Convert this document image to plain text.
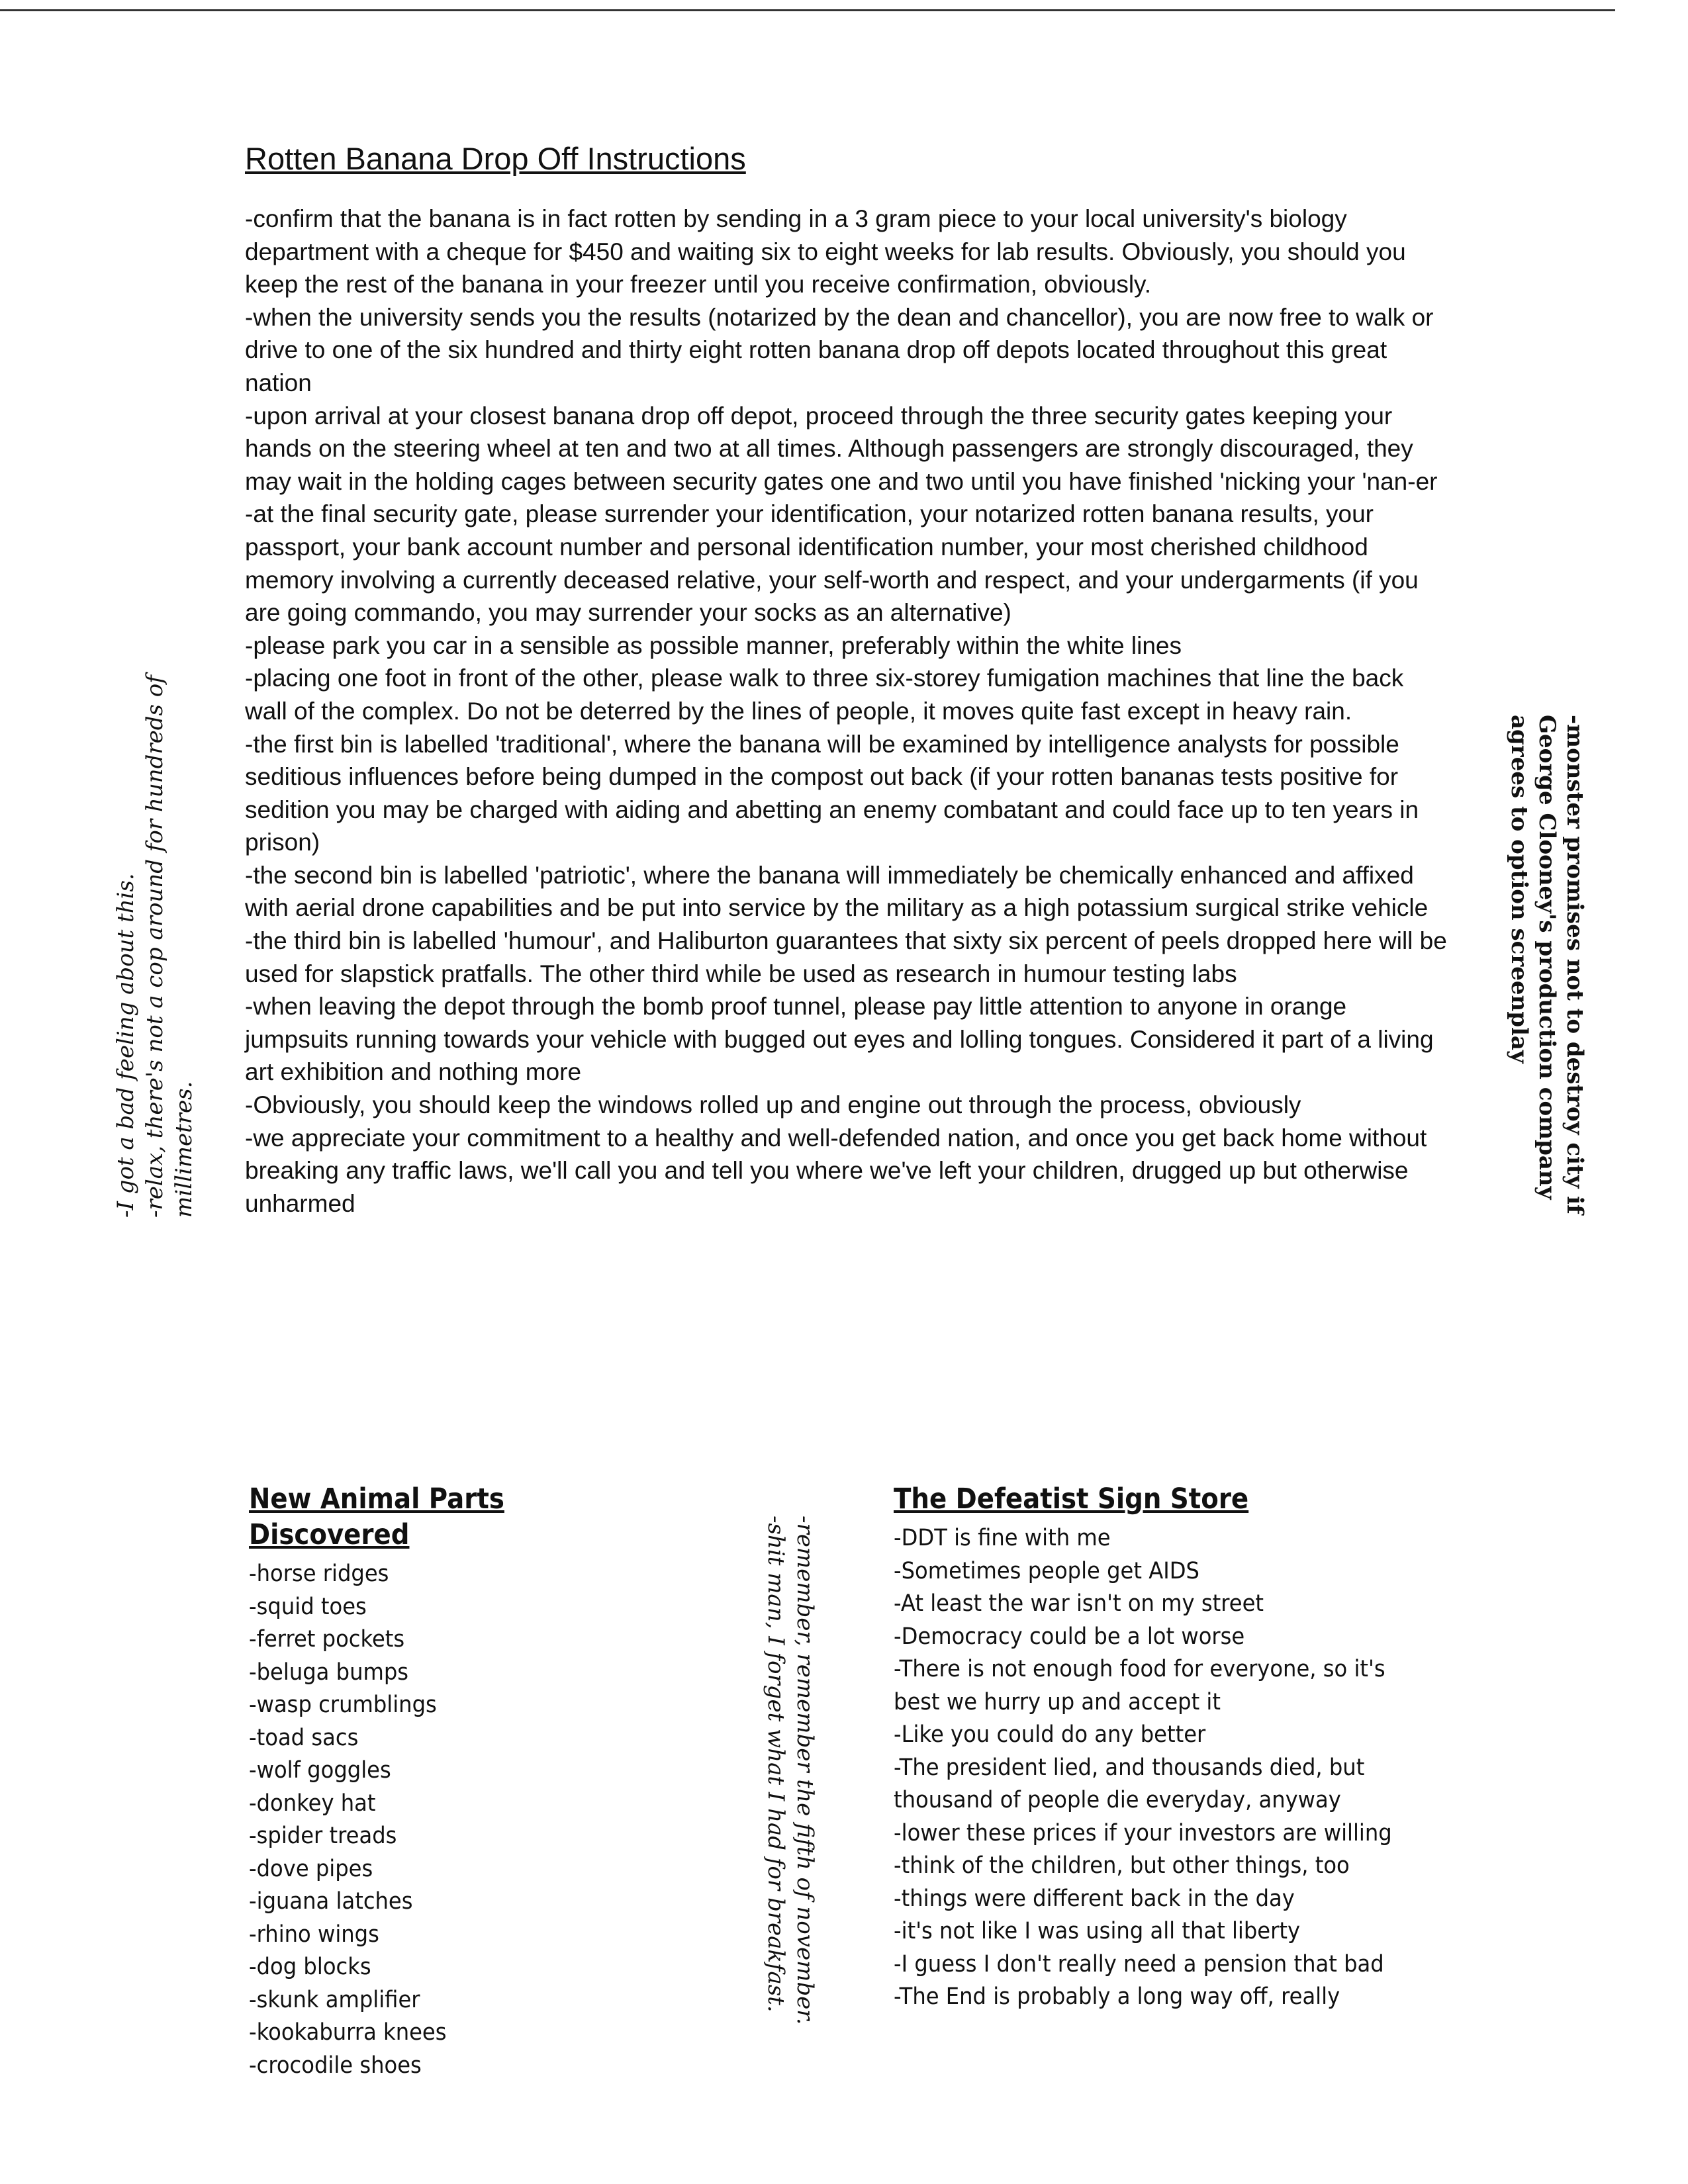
Rotten Banana Drop Off Instructions

-confirm that the banana is in fact rotten by sending in a 3 gram piece to your local university's biology department with a cheque for $450 and waiting six to eight weeks for lab results. Obviously, you should you keep the rest of the banana in your freezer until you receive confirmation, obviously.

-when the university sends you the results (notarized by the dean and chancellor), you are now free to walk or drive to one of the six hundred and thirty eight rotten banana drop off depots located throughout this great nation

-upon arrival at your closest banana drop off depot, proceed through the three security gates keeping your hands on the steering wheel at ten and two at all times. Although passengers are strongly discouraged, they may wait in the holding cages between security gates one and two until you have finished 'nicking your 'nan-er

-at the final security gate, please surrender your identification, your notarized rotten banana results, your passport, your bank account number and personal identification number, your most cherished childhood memory involving a currently deceased relative, your self-worth and respect, and your undergarments (if you are going commando, you may surrender your socks as an alternative)

-please park you car in a sensible as possible manner, preferably within the white lines

-placing one foot in front of the other, please walk to three six-storey fumigation machines that line the back wall of the complex. Do not be deterred by the lines of people, it moves quite fast except in heavy rain.

-the first bin is labelled 'traditional', where the banana will be examined by intelligence analysts for possible seditious influences before being dumped in the compost out back (if your rotten bananas tests positive for sedition you may be charged with aiding and abetting an enemy combatant and could face up to ten years in prison)

-the second bin is labelled 'patriotic', where the banana will immediately be chemically enhanced and affixed with aerial drone capabilities and be put into service by the military as a high potassium surgical strike vehicle

-the third bin is labelled 'humour', and Haliburton guarantees that sixty six percent of peels dropped here will be used for slapstick pratfalls. The other third while be used as research in humour testing labs

-when leaving the depot through the bomb proof tunnel, please pay little attention to anyone in orange jumpsuits running towards your vehicle with bugged out eyes and lolling tongues. Considered it part of a living art exhibition and nothing more

-Obviously, you should keep the windows rolled up and engine out through the process, obviously

-we appreciate your commitment to a healthy and well-defended nation, and once you get back home without breaking any traffic laws, we'll call you and tell you where we've left your children, drugged up but otherwise unharmed

New Animal Parts Discovered
-horse ridges
-squid toes
-ferret pockets
-beluga bumps
-wasp crumblings
-toad sacs
-wolf goggles
-donkey hat
-spider treads
-dove pipes
-iguana latches
-rhino wings
-dog blocks
-skunk amplifier
-kookaburra knees
-crocodile shoes
The Defeatist Sign Store
-DDT is fine with me
-Sometimes people get AIDS
-At least the war isn't on my street
-Democracy could be a lot worse
-There is not enough food for everyone, so it's best we hurry up and accept it
-Like you could do any better
-The president lied, and thousands died, but thousand of people die everyday, anyway
-lower these prices if your investors are willing
-think of the children, but other things, too
-things were different back in the day
-it's not like I was using all that liberty
-I guess I don't really need a pension that bad
-The End is probably a long way off, really

-I got a bad feeling about this. -relax, there's not a cop around for hundreds of millimetres.

-remember, remember the fifth of november.

-shit man, I forget what I had for breakfast.

-monster promises not to destroy city if

George Clooney's production company

agrees to option screenplay
